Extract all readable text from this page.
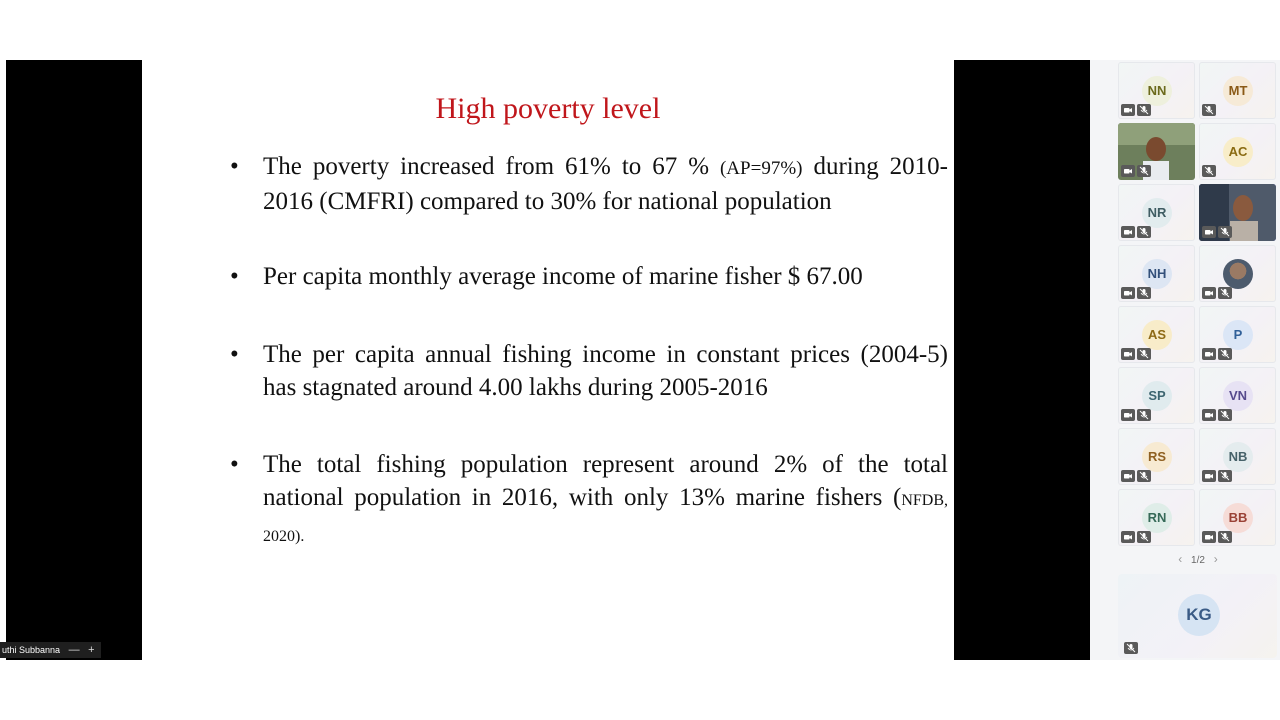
High poverty level
• The poverty increased from 61% to 67 % (AP=97%) during 2010-2016 (CMFRI) compared to 30% for national population
• Per capita monthly average income of marine fisher $ 67.00
• The per capita annual fishing income in constant prices (2004-5) has stagnated around 4.00 lakhs during 2005-2016
• The total fishing population represent around 2% of the total national population in 2016, with only 13% marine fishers (NFDB, 2020).
uthi Subbanna — +
NN	MT
AC
NR
NH
AS	P
SP	VN
RS	NB
RN	BB
‹ 1/2 ›
KG
